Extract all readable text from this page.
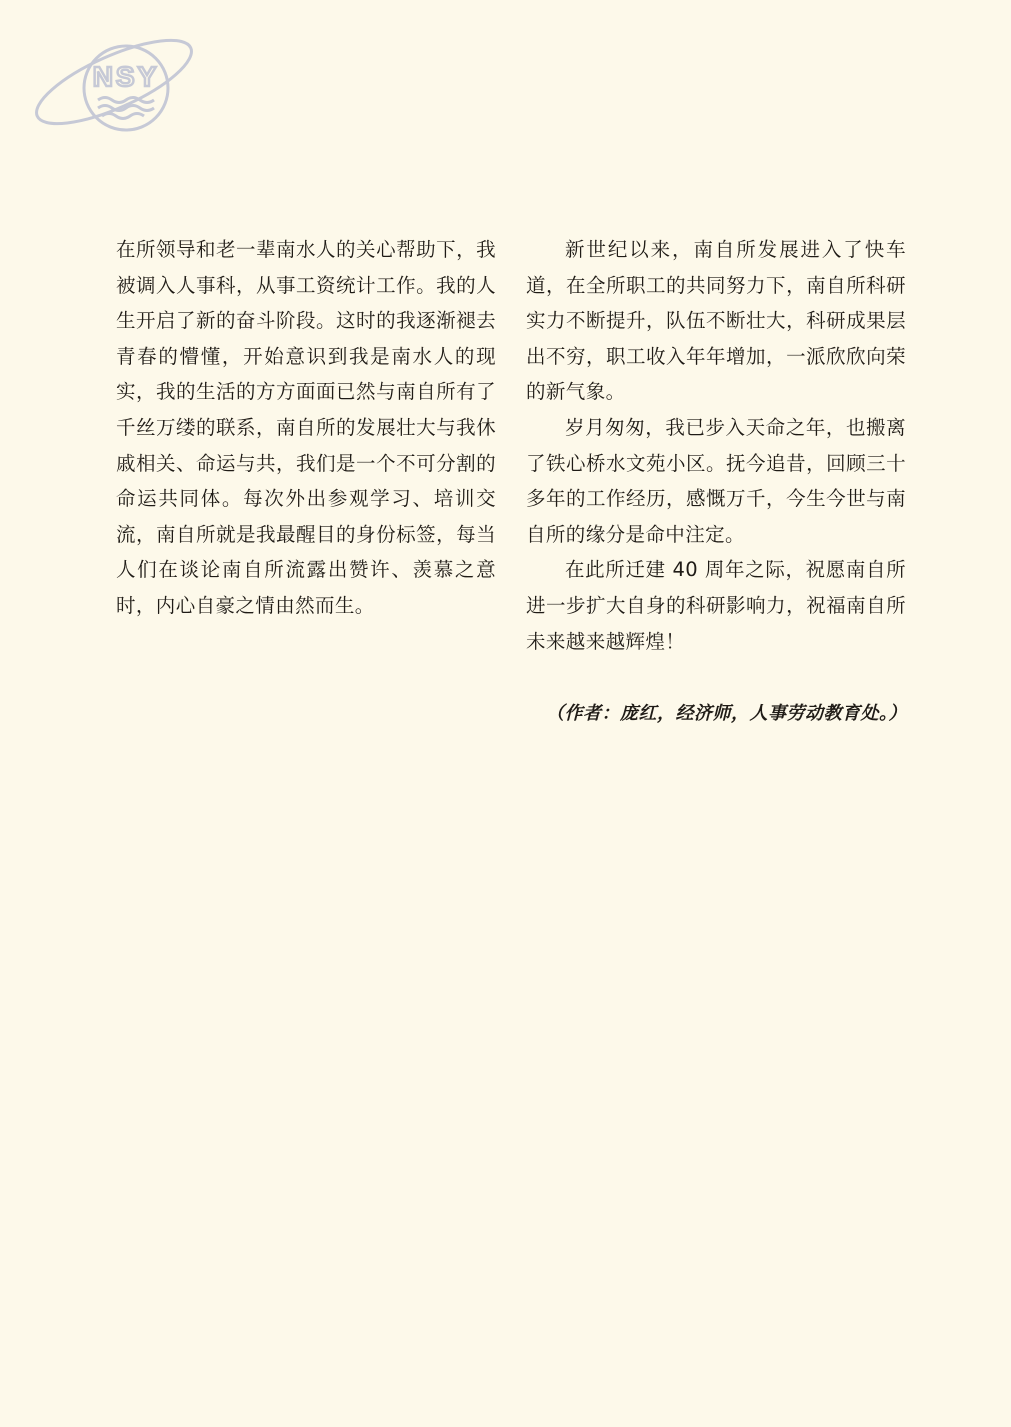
NSY

在所领导和老一辈南水人的关心帮助下，我被调入人事科，从事工资统计工作。我的人生开启了新的奋斗阶段。这时的我逐渐褪去青春的懵懂，开始意识到我是南水人的现实，我的生活的方方面面已然与南自所有了千丝万缕的联系，南自所的发展壮大与我休戚相关、命运与共，我们是一个不可分割的命运共同体。每次外出参观学习、培训交流，南自所就是我最醒目的身份标签，每当人们在谈论南自所流露出赞许、羡慕之意时，内心自豪之情由然而生。

新世纪以来，南自所发展进入了快车道，在全所职工的共同努力下，南自所科研实力不断提升，队伍不断壮大，科研成果层出不穷，职工收入年年增加，一派欣欣向荣的新气象。

岁月匆匆，我已步入天命之年，也搬离了铁心桥水文苑小区。抚今追昔，回顾三十多年的工作经历，感慨万千，今生今世与南自所的缘分是命中注定。

在此所迁建 40 周年之际，祝愿南自所进一步扩大自身的科研影响力，祝福南自所未来越来越辉煌！

（作者：庞红，经济师，人事劳动教育处。）
